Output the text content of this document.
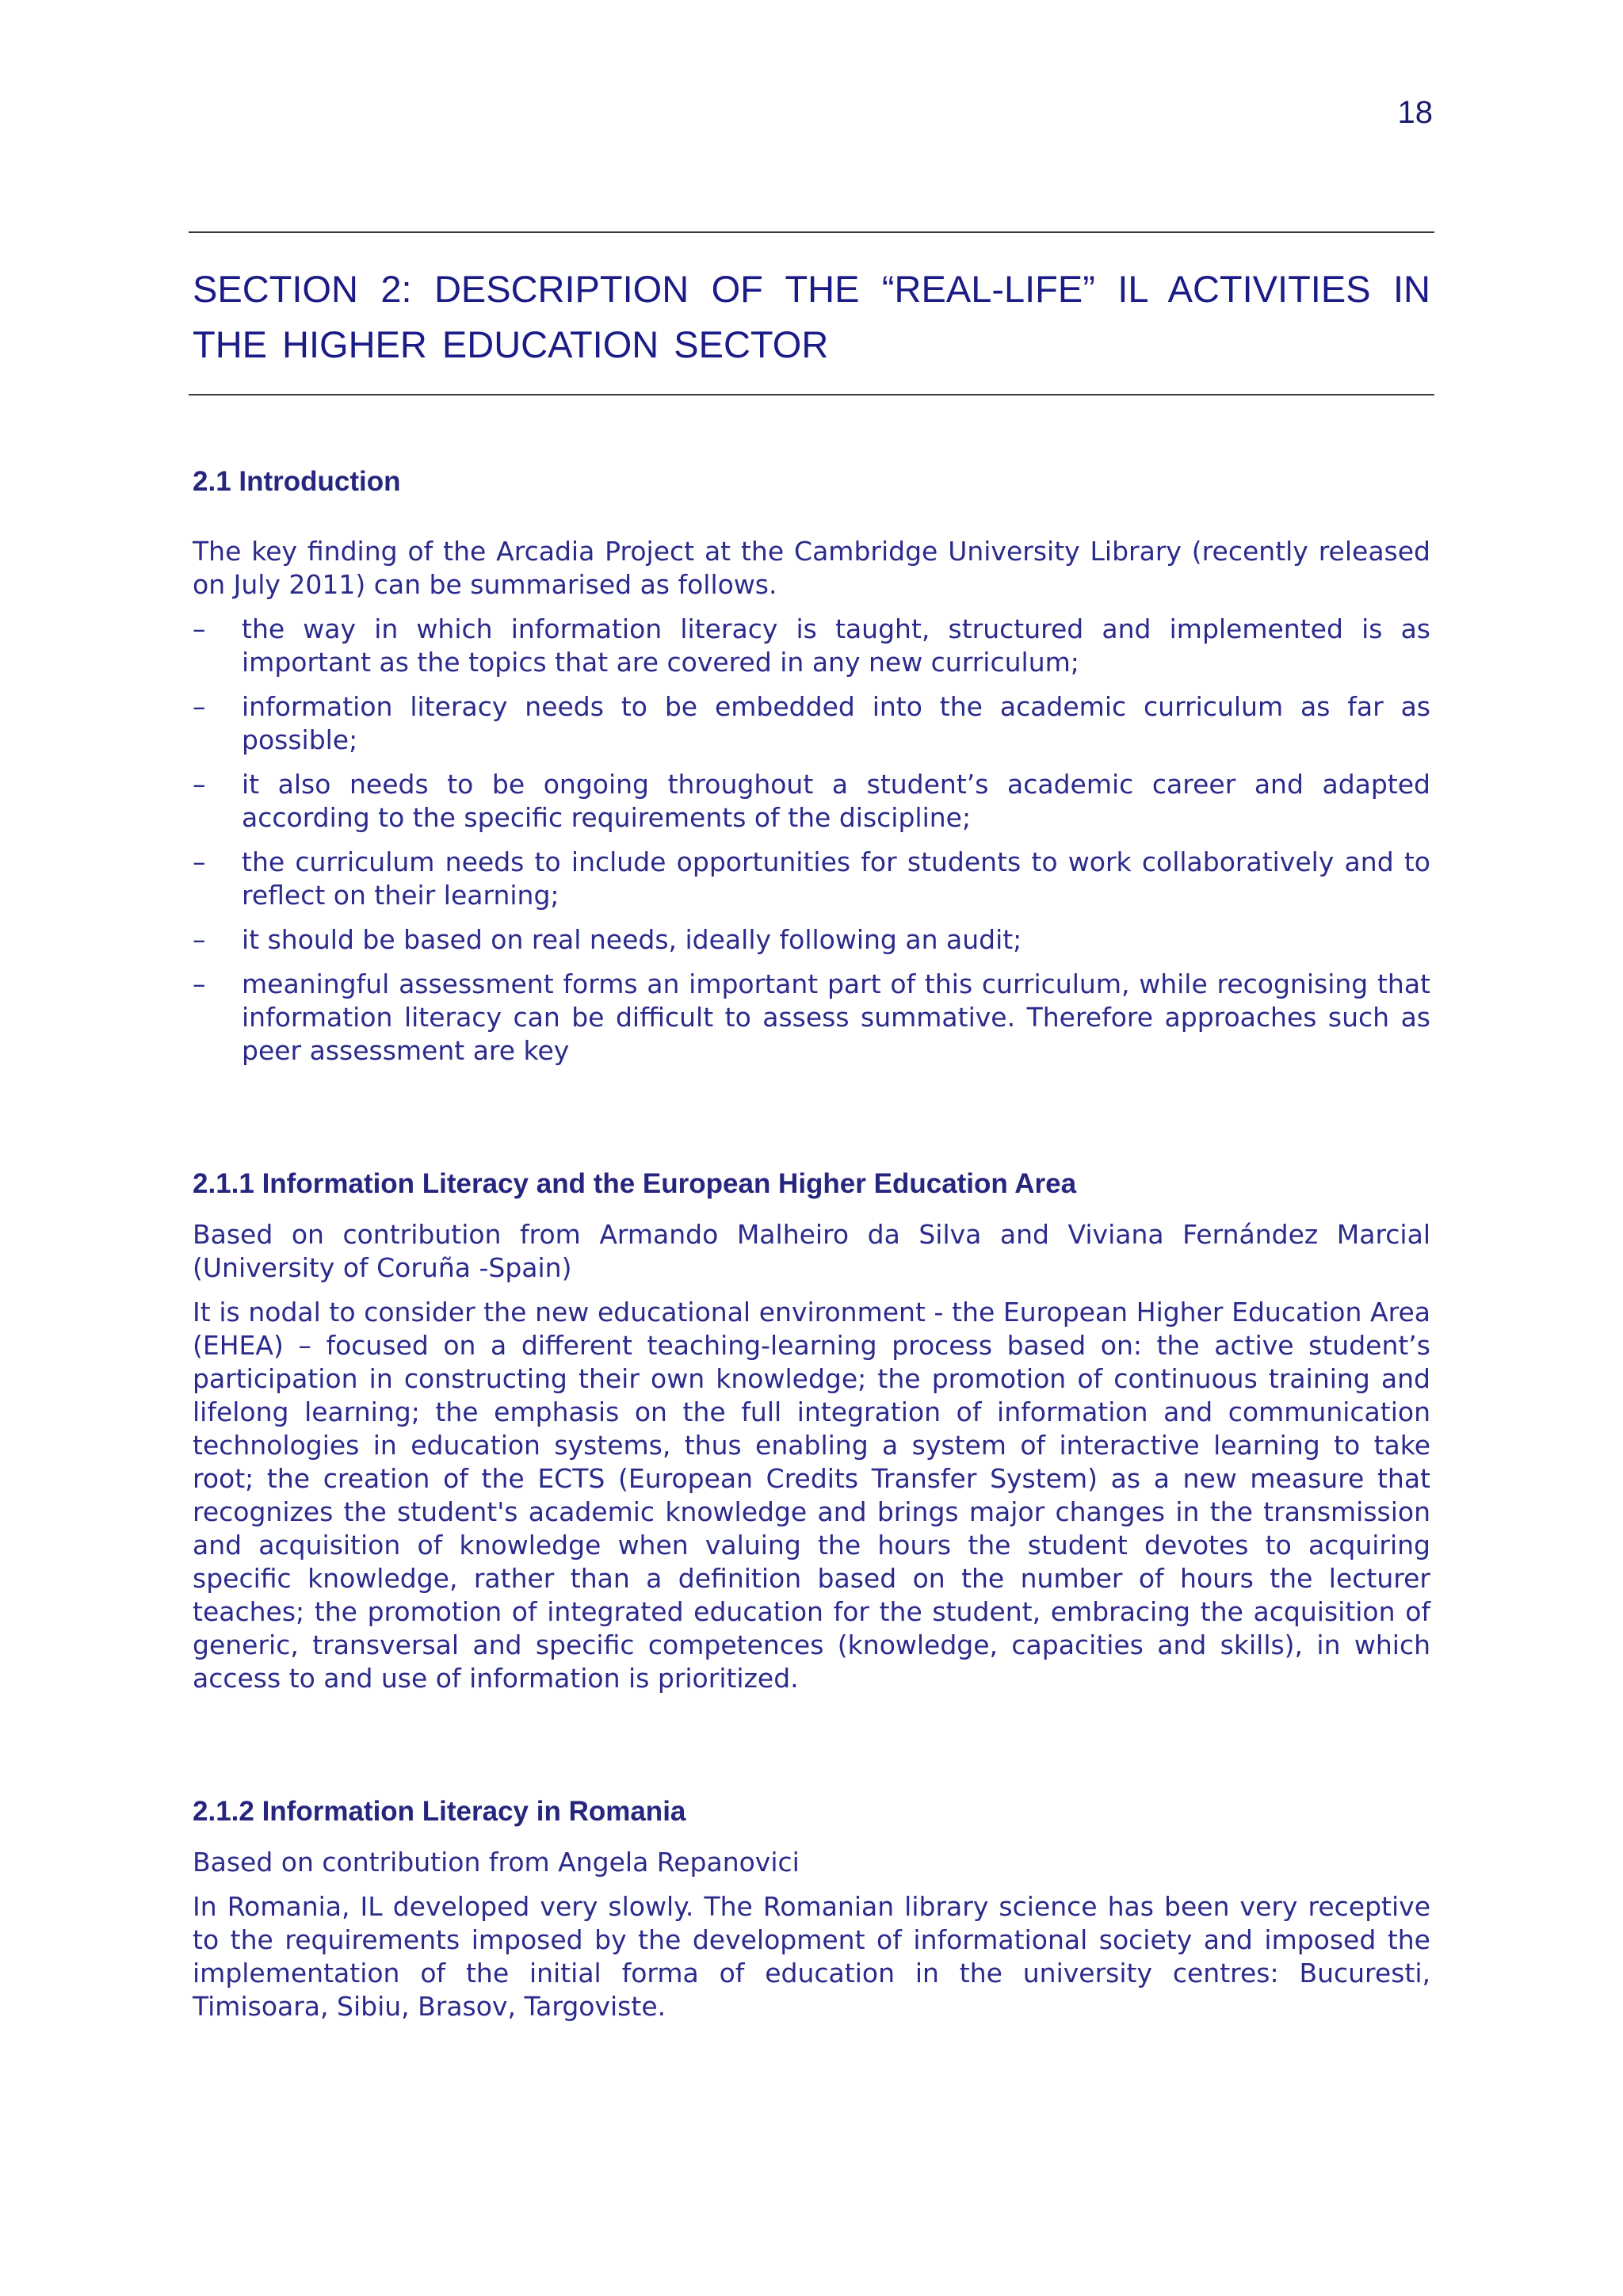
18
SECTION 2: DESCRIPTION OF THE “REAL-LIFE” IL ACTIVITIES IN THE HIGHER EDUCATION SECTOR
2.1 Introduction

The key finding of the Arcadia Project at the Cambridge University Library (recently released on July 2011) can be summarised as follows.

– the way in which information literacy is taught, structured and implemented is as important as the topics that are covered in any new curriculum;
– information literacy needs to be embedded into the academic curriculum as far as possible;
– it also needs to be ongoing throughout a student’s academic career and adapted according to the specific requirements of the discipline;
– the curriculum needs to include opportunities for students to work collaboratively and to reflect on their learning;
– it should be based on real needs, ideally following an audit;
– meaningful assessment forms an important part of this curriculum, while recognising that information literacy can be difficult to assess summative. Therefore approaches such as peer assessment are key
2.1.1 Information Literacy and the European Higher Education Area

Based on contribution from Armando Malheiro da Silva and Viviana Fernández Marcial (University of Coruña -Spain)

It is nodal to consider the new educational environment - the European Higher Education Area (EHEA) – focused on a different teaching-learning process based on: the active student’s participation in constructing their own knowledge; the promotion of continuous training and lifelong learning; the emphasis on the full integration of information and communication technologies in education systems, thus enabling a system of interactive learning to take root; the creation of the ECTS (European Credits Transfer System) as a new measure that recognizes the student's academic knowledge and brings major changes in the transmission and acquisition of knowledge when valuing the hours the student devotes to acquiring specific knowledge, rather than a definition based on the number of hours the lecturer teaches; the promotion of integrated education for the student, embracing the acquisition of generic, transversal and specific competences (knowledge, capacities and skills), in which access to and use of information is prioritized.

2.1.2 Information Literacy in Romania

Based on contribution from Angela Repanovici

In Romania, IL developed very slowly. The Romanian library science has been very receptive to the requirements imposed by the development of informational society and imposed the implementation of the initial forma of education in the university centres: Bucuresti, Timisoara, Sibiu, Brasov, Targoviste.
